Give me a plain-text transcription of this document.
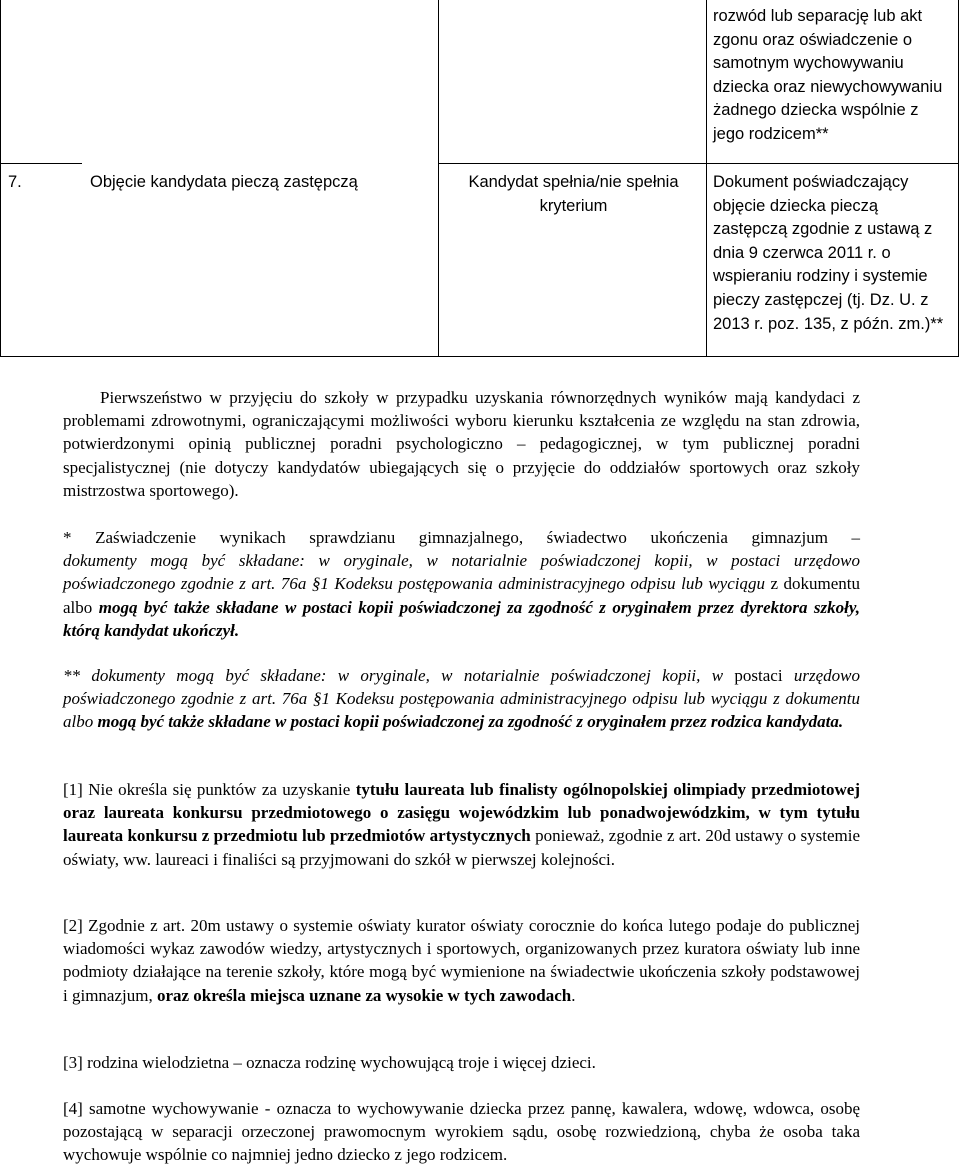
rozwód lub separację lub akt zgonu oraz oświadczenie o samotnym wychowywaniu dziecka oraz niewychowywaniu żadnego dziecka wspólnie z jego rodzicem**
7.	Objęcie kandydata pieczą zastępczą	Kandydat spełnia/nie spełnia kryterium
Dokument poświadczający objęcie dziecka pieczą zastępczą zgodnie z ustawą z dnia 9 czerwca 2011 r. o wspieraniu rodziny i systemie pieczy zastępczej (tj. Dz. U. z 2013 r. poz. 135, z późn. zm.)**

Pierwszeństwo w przyjęciu do szkoły w przypadku uzyskania równorzędnych wyników mają kandydaci z problemami zdrowotnymi, ograniczającymi możliwości wyboru kierunku kształcenia ze względu na stan zdrowia, potwierdzonymi opinią publicznej poradni psychologiczno – pedagogicznej, w tym publicznej poradni specjalistycznej (nie dotyczy kandydatów ubiegających się o przyjęcie do oddziałów sportowych oraz szkoły mistrzostwa sportowego).

* Zaświadczenie wynikach sprawdzianu gimnazjalnego, świadectwo ukończenia gimnazjum –

dokumenty mogą być składane: w oryginale, w notarialnie poświadczonej kopii, w postaci urzędowo poświadczonego zgodnie z art. 76a §1 Kodeksu postępowania administracyjnego odpisu lub wyciągu z dokumentu albo mogą być także składane w postaci kopii poświadczonej za zgodność z oryginałem przez dyrektora szkoły, którą kandydat ukończył.

** dokumenty mogą być składane: w oryginale, w notarialnie poświadczonej kopii, w postaci urzędowo poświadczonego zgodnie z art. 76a §1 Kodeksu postępowania administracyjnego odpisu lub wyciągu z dokumentu albo mogą być także składane w postaci kopii poświadczonej za zgodność z oryginałem przez rodzica kandydata.

[1] Nie określa się punktów za uzyskanie tytułu laureata lub finalisty ogólnopolskiej olimpiady przedmiotowej oraz laureata konkursu przedmiotowego o zasięgu wojewódzkim lub ponadwojewódzkim, w tym tytułu laureata konkursu z przedmiotu lub przedmiotów artystycznych ponieważ, zgodnie z art. 20d ustawy o systemie oświaty, ww. laureaci i finaliści są przyjmowani do szkół w pierwszej kolejności.

[2] Zgodnie z art. 20m ustawy o systemie oświaty kurator oświaty corocznie do końca lutego podaje do publicznej wiadomości wykaz zawodów wiedzy, artystycznych i sportowych, organizowanych przez kuratora oświaty lub inne podmioty działające na terenie szkoły, które mogą być wymienione na świadectwie ukończenia szkoły podstawowej i gimnazjum, oraz określa miejsca uznane za wysokie w tych zawodach.

[3] rodzina wielodzietna – oznacza rodzinę wychowującą troje i więcej dzieci.

[4] samotne wychowywanie - oznacza to wychowywanie dziecka przez pannę, kawalera, wdowę, wdowca, osobę pozostającą w separacji orzeczonej prawomocnym wyrokiem sądu, osobę rozwiedzioną, chyba że osoba taka wychowuje wspólnie co najmniej jedno dziecko z jego rodzicem.
